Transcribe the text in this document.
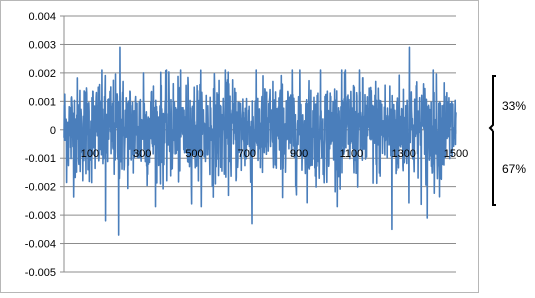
-0.005
-0.004
-0.003
-0.002
-0.001
0
0.001
0.002
0.003
0.004
100	300	500	700	900	1100	1300	1500
33%
67%
